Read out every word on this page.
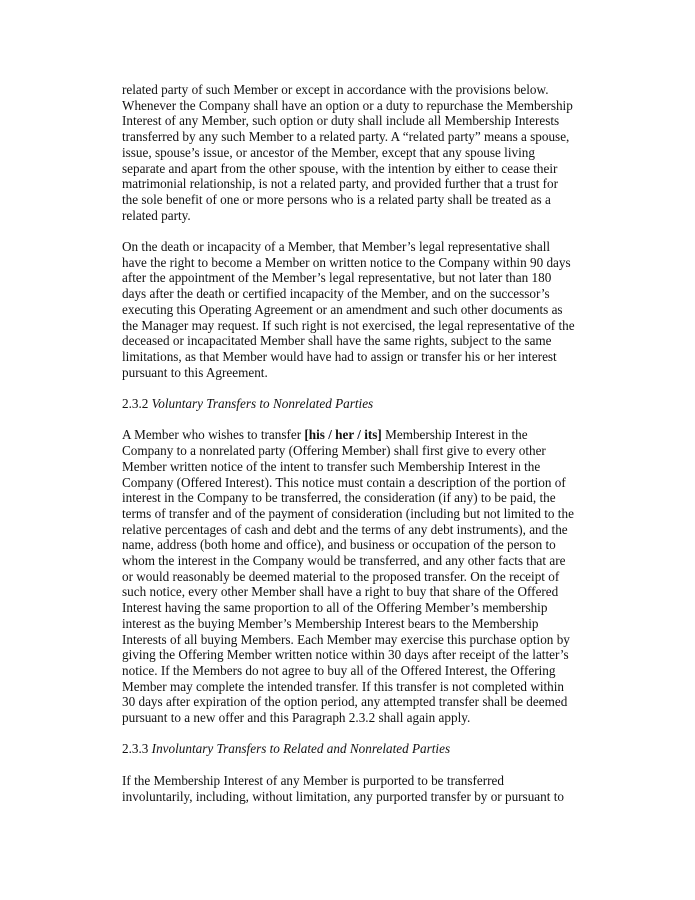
related party of such Member or except in accordance with the provisions below.
Whenever the Company shall have an option or a duty to repurchase the Membership
Interest of any Member, such option or duty shall include all Membership Interests
transferred by any such Member to a related party. A “related party” means a spouse,
issue, spouse’s issue, or ancestor of the Member, except that any spouse living
separate and apart from the other spouse, with the intention by either to cease their
matrimonial relationship, is not a related party, and provided further that a trust for
the sole benefit of one or more persons who is a related party shall be treated as a
related party.

On the death or incapacity of a Member, that Member’s legal representative shall
have the right to become a Member on written notice to the Company within 90 days
after the appointment of the Member’s legal representative, but not later than 180
days after the death or certified incapacity of the Member, and on the successor’s
executing this Operating Agreement or an amendment and such other documents as
the Manager may request. If such right is not exercised, the legal representative of the
deceased or incapacitated Member shall have the same rights, subject to the same
limitations, as that Member would have had to assign or transfer his or her interest
pursuant to this Agreement.

2.3.2 Voluntary Transfers to Nonrelated Parties

A Member who wishes to transfer [his / her / its] Membership Interest in the
Company to a nonrelated party (Offering Member) shall first give to every other
Member written notice of the intent to transfer such Membership Interest in the
Company (Offered Interest). This notice must contain a description of the portion of
interest in the Company to be transferred, the consideration (if any) to be paid, the
terms of transfer and of the payment of consideration (including but not limited to the
relative percentages of cash and debt and the terms of any debt instruments), and the
name, address (both home and office), and business or occupation of the person to
whom the interest in the Company would be transferred, and any other facts that are
or would reasonably be deemed material to the proposed transfer. On the receipt of
such notice, every other Member shall have a right to buy that share of the Offered
Interest having the same proportion to all of the Offering Member’s membership
interest as the buying Member’s Membership Interest bears to the Membership
Interests of all buying Members. Each Member may exercise this purchase option by
giving the Offering Member written notice within 30 days after receipt of the latter’s
notice. If the Members do not agree to buy all of the Offered Interest, the Offering
Member may complete the intended transfer. If this transfer is not completed within
30 days after expiration of the option period, any attempted transfer shall be deemed
pursuant to a new offer and this Paragraph 2.3.2 shall again apply.

2.3.3 Involuntary Transfers to Related and Nonrelated Parties

If the Membership Interest of any Member is purported to be transferred
involuntarily, including, without limitation, any purported transfer by or pursuant to
